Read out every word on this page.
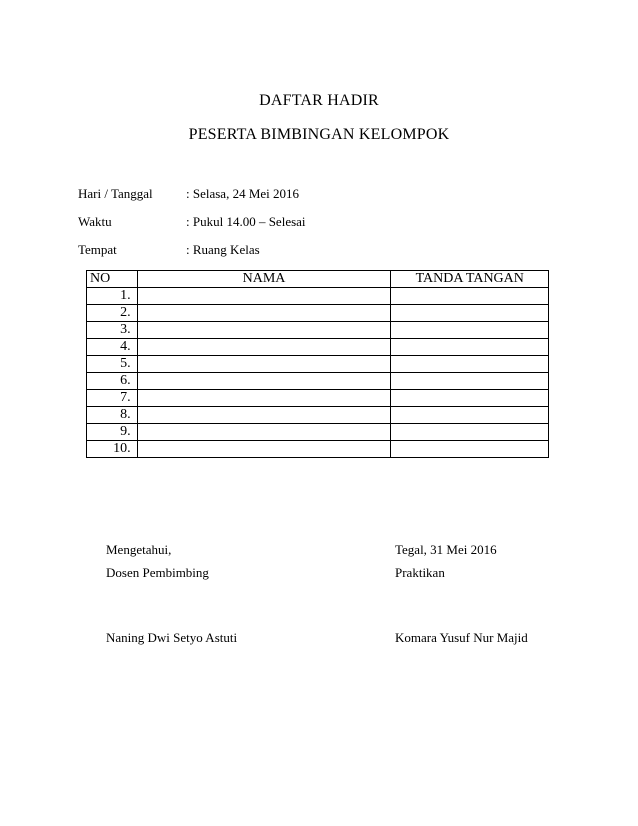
DAFTAR HADIR
PESERTA BIMBINGAN KELOMPOK
Hari / Tanggal	: Selasa, 24 Mei 2016
Waktu	: Pukul 14.00 – Selesai
Tempat	: Ruang Kelas
NO	NAMA	TANDA TANGAN
1.		
2.		
3.		
4.		
5.		
6.		
7.		
8.		
9.		
10.		
Mengetahui,
Dosen Pembimbing
Naning Dwi Setyo Astuti
Tegal, 31 Mei 2016
Praktikan
Komara Yusuf Nur Majid
